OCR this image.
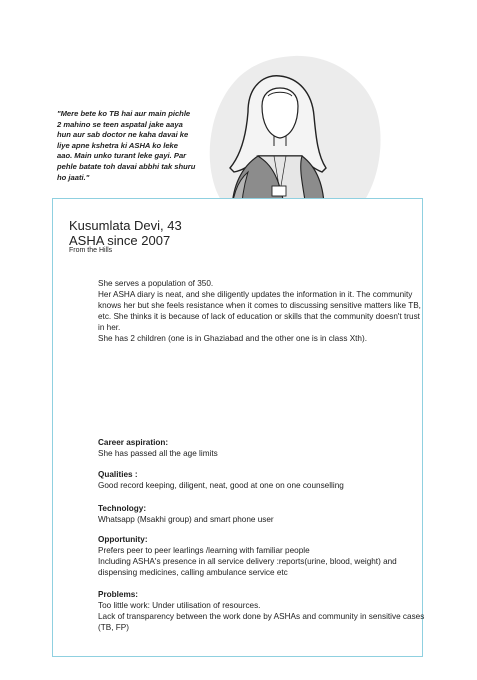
"Mere bete ko TB hai aur main pichle
2 mahino se teen aspatal jake aaya
hun aur sab doctor ne kaha davai ke
liye apne kshetra ki ASHA ko leke
aao. Main unko turant leke gayi. Par
pehle batate toh davai abbhi tak shuru
ho jaati."

Kusumlata Devi, 43
ASHA since 2007
From the Hills

She serves a population of 350.

Her ASHA diary is neat, and she diligently updates the information in it. The community knows her but she feels resistance when it comes to discussing sensitive matters like TB, etc. She thinks it is because of lack of education or skills that the community doesn't trust in her.

She has 2 children (one is in Ghaziabad and the other one is in class Xth).

Career aspiration:

She has passed all the age limits

Qualities :

Good record keeping, diligent, neat, good at one on one counselling

Technology:

Whatsapp (Msakhi group) and smart phone user

Opportunity:

Prefers peer to peer learlings /learning with familiar people
Including ASHA's presence in all service delivery :reports(urine, blood, weight) and dispensing medicines, calling ambulance service etc

Problems:

Too little work: Under utilisation of resources.
Lack of transparency between the work done by ASHAs and community in sensitive cases (TB, FP)
